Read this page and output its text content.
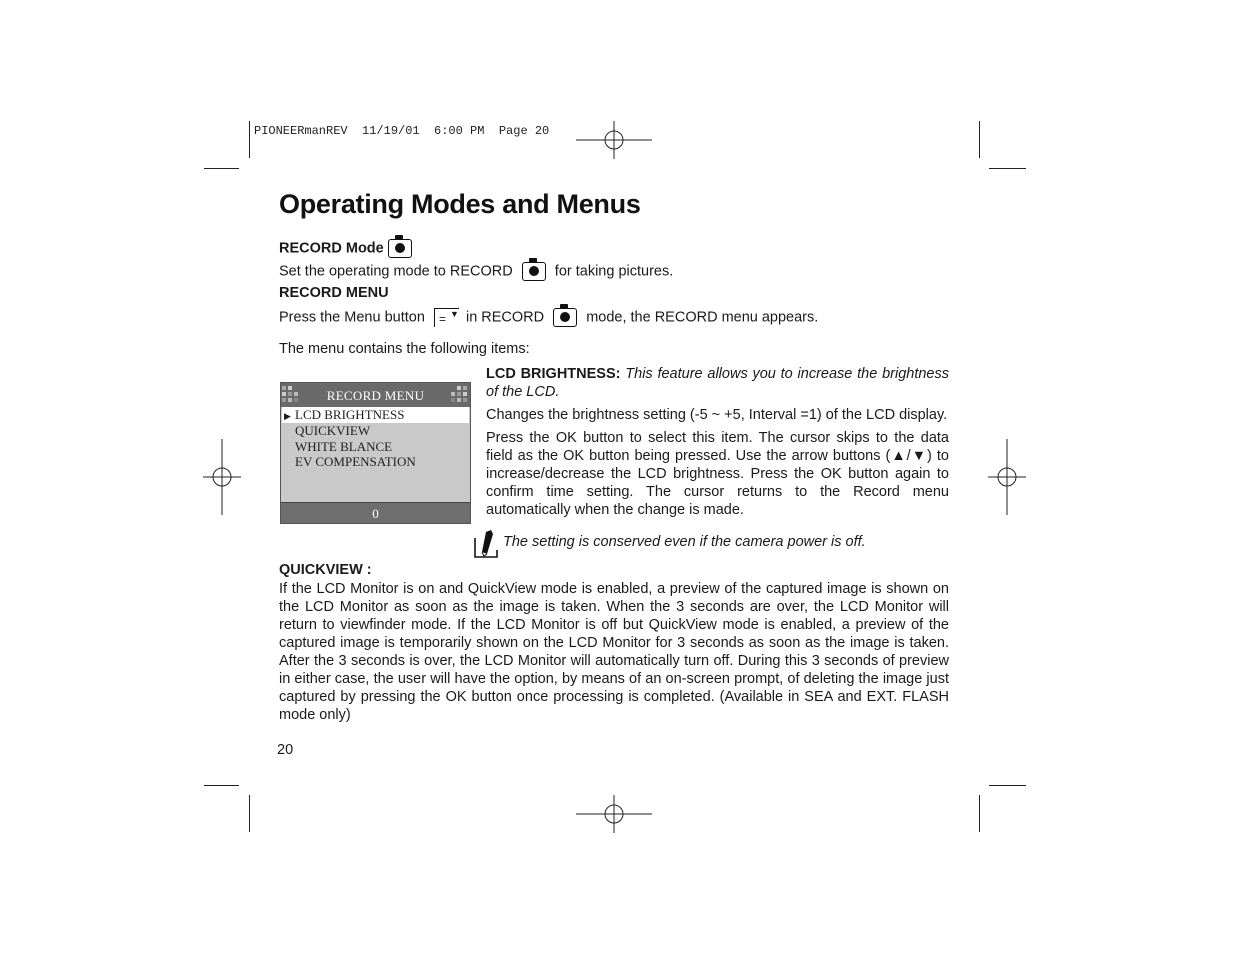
PIONEERmanREV  11/19/01  6:00 PM  Page 20
Operating Modes and Menus
RECORD Mode
Set the operating mode to RECORD	for taking pictures.
RECORD MENU
Press the Menu button = ▼ in RECORD	mode, the RECORD menu appears.
The menu contains the following items:
RECORD MENU
▶ LCD BRIGHTNESS
QUICKVIEW
WHITE BLANCE
EV COMPENSATION
0

LCD BRIGHTNESS: This feature allows you to increase the brightness of the LCD.

Changes the brightness setting (-5 ~ +5, Interval =1) of the LCD display.

Press the OK button to select this item. The cursor skips to the data field as the OK button being pressed. Use the arrow buttons (▲/▼) to increase/decrease the LCD brightness. Press the OK button again to confirm time setting. The cursor returns to the Record menu automatically when the change is made.

The setting is conserved even if the camera power is off.

QUICKVIEW :

If the LCD Monitor is on and QuickView mode is enabled, a preview of the captured image is shown on the LCD Monitor as soon as the image is taken. When the 3 seconds are over, the LCD Monitor will return to viewfinder mode. If the LCD Monitor is off but QuickView mode is enabled, a preview of the captured image is temporarily shown on the LCD Monitor for 3 seconds as soon as the image is taken. After the 3 seconds is over, the LCD Monitor will automatically turn off. During this 3 seconds of preview in either case, the user will have the option, by means of an on-screen prompt, of deleting the image just captured by pressing the OK button once processing is completed. (Available in SEA and EXT. FLASH mode only)

20
